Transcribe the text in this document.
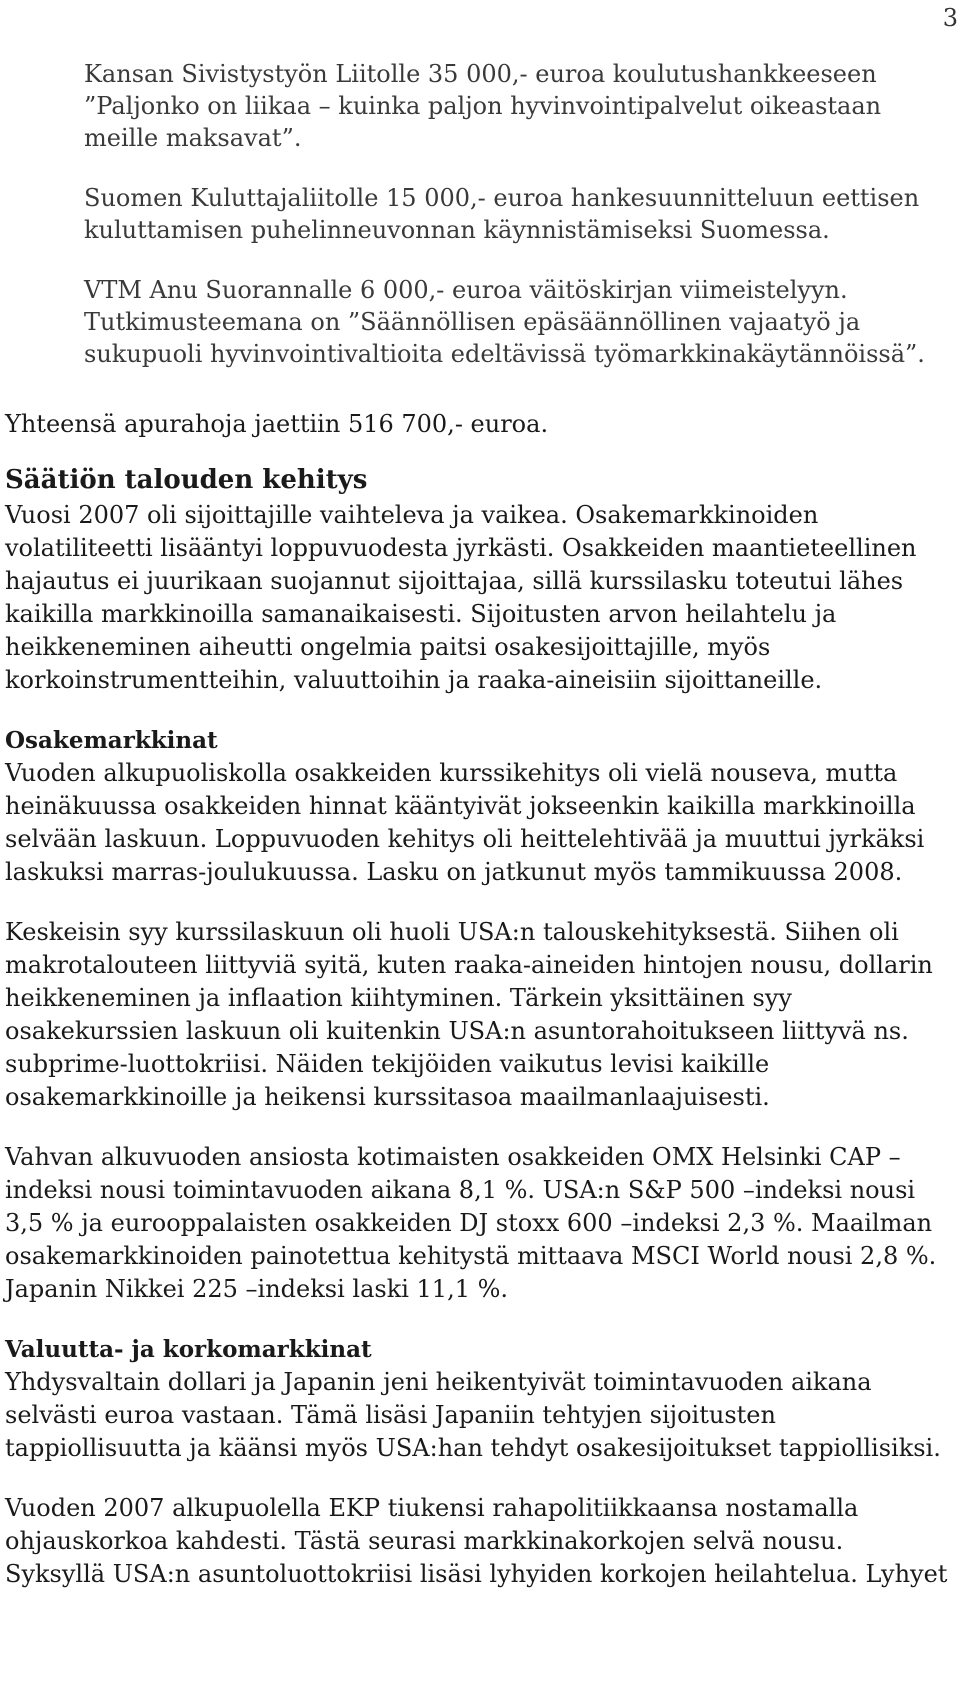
3

Kansan Sivistystyön Liitolle 35 000,- euroa koulutushankkeeseen ”Paljonko on liikaa – kuinka paljon hyvinvointipalvelut oikeastaan meille maksavat”.

Suomen Kuluttajaliitolle 15 000,- euroa hankesuunnitteluun eettisen kuluttamisen puhelinneuvonnan käynnistämiseksi Suomessa.

VTM Anu Suorannalle 6 000,- euroa väitöskirjan viimeistelyyn. Tutkimusteemana on ”Säännöllisen epäsäännöllinen vajaatyö ja sukupuoli hyvinvointivaltioita edeltävissä työmarkkinakäytännöissä”.

Yhteensä apurahoja jaettiin 516 700,- euroa.

Säätiön talouden kehitys

Vuosi 2007 oli sijoittajille vaihteleva ja vaikea. Osakemarkkinoiden volatiliteetti lisääntyi loppuvuodesta jyrkästi. Osakkeiden maantieteellinen hajautus ei juurikaan suojannut sijoittajaa, sillä kurssilasku toteutui lähes kaikilla markkinoilla samanaikaisesti. Sijoitusten arvon heilahtelu ja heikkeneminen aiheutti ongelmia paitsi osakesijoittajille, myös korkoinstrumentteihin, valuuttoihin ja raaka-aineisiin sijoittaneille.

Osakemarkkinat

Vuoden alkupuoliskolla osakkeiden kurssikehitys oli vielä nouseva, mutta heinäkuussa osakkeiden hinnat kääntyivät jokseenkin kaikilla markkinoilla selvään laskuun. Loppuvuoden kehitys oli heittelehtivää ja muuttui jyrkäksi laskuksi marras-joulukuussa. Lasku on jatkunut myös tammikuussa 2008.

Keskeisin syy kurssilaskuun oli huoli USA:n talouskehityksestä. Siihen oli makrotalouteen liittyviä syitä, kuten raaka-aineiden hintojen nousu, dollarin heikkeneminen ja inflaation kiihtyminen. Tärkein yksittäinen syy osakekurssien laskuun oli kuitenkin USA:n asuntorahoitukseen liittyvä ns. subprime-luottokriisi. Näiden tekijöiden vaikutus levisi kaikille osakemarkkinoille ja heikensi kurssitasoa maailmanlaajuisesti.

Vahvan alkuvuoden ansiosta kotimaisten osakkeiden OMX Helsinki CAP –indeksi nousi toimintavuoden aikana 8,1 %. USA:n S&P 500 –indeksi nousi 3,5 % ja eurooppalaisten osakkeiden DJ stoxx 600 –indeksi 2,3 %. Maailman osakemarkkinoiden painotettua kehitystä mittaava MSCI World nousi 2,8 %. Japanin Nikkei 225 –indeksi laski 11,1 %.

Valuutta- ja korkomarkkinat

Yhdysvaltain dollari ja Japanin jeni heikentyivät toimintavuoden aikana selvästi euroa vastaan. Tämä lisäsi Japaniin tehtyjen sijoitusten tappiollisuutta ja käänsi myös USA:han tehdyt osakesijoitukset tappiollisiksi.

Vuoden 2007 alkupuolella EKP tiukensi rahapolitiikkaansa nostamalla ohjauskorkoa kahdesti. Tästä seurasi markkinakorkojen selvä nousu. Syksyllä USA:n asuntoluottokriisi lisäsi lyhyiden korkojen heilahtelua. Lyhyet
